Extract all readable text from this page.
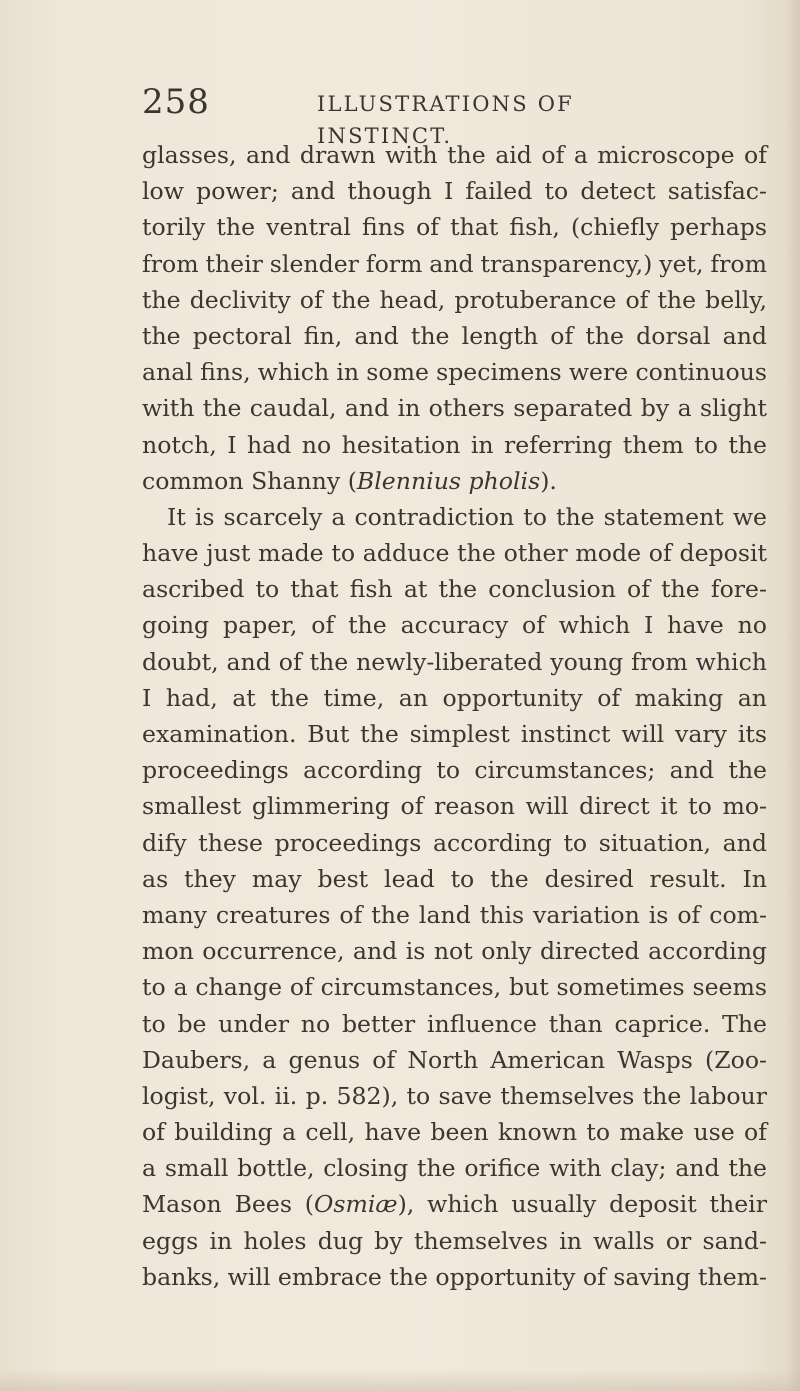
258	ILLUSTRATIONS OF INSTINCT.
glasses, and drawn with the aid of a microscope of
low power; and though I failed to detect satisfac-
torily the ventral fins of that fish, (chiefly perhaps
from their slender form and transparency,) yet, from
the declivity of the head, protuberance of the belly,
the pectoral fin, and the length of the dorsal and
anal fins, which in some specimens were continuous
with the caudal, and in others separated by a slight
notch, I had no hesitation in referring them to the
common Shanny (Blennius pholis).
It is scarcely a contradiction to the statement we
have just made to adduce the other mode of deposit
ascribed to that fish at the conclusion of the fore-
going paper, of the accuracy of which I have no
doubt, and of the newly-liberated young from which
I had, at the time, an opportunity of making an
examination. But the simplest instinct will vary its
proceedings according to circumstances; and the
smallest glimmering of reason will direct it to mo-
dify these proceedings according to situation, and
as they may best lead to the desired result. In
many creatures of the land this variation is of com-
mon occurrence, and is not only directed according
to a change of circumstances, but sometimes seems
to be under no better influence than caprice. The
Daubers, a genus of North American Wasps (Zoo-
logist, vol. ii. p. 582), to save themselves the labour
of building a cell, have been known to make use of
a small bottle, closing the orifice with clay; and the
Mason Bees (Osmiæ), which usually deposit their
eggs in holes dug by themselves in walls or sand-
banks, will embrace the opportunity of saving them-
